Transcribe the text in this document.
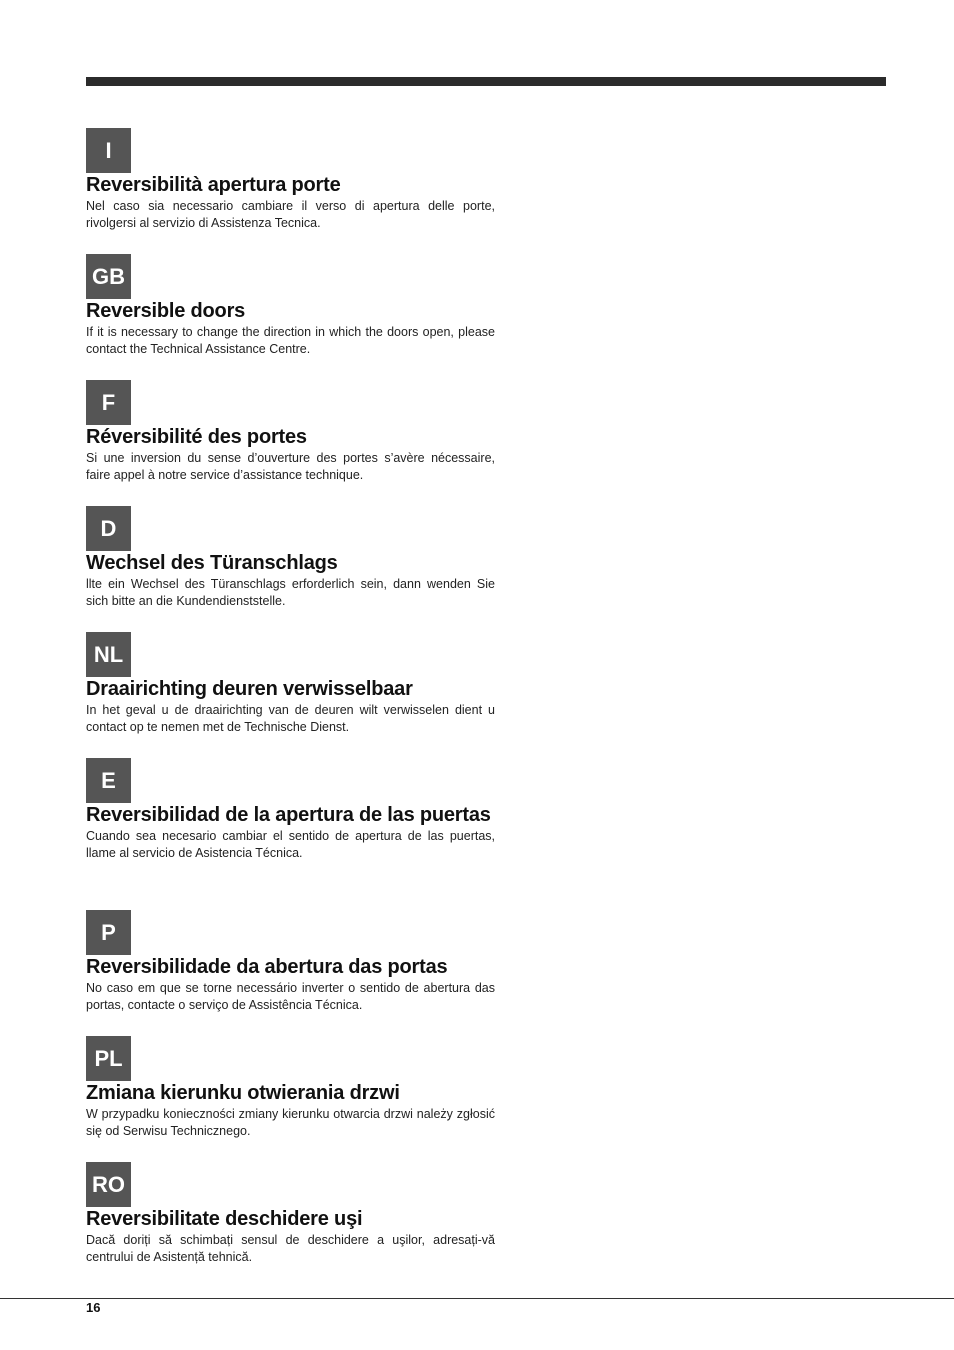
I
Reversibilità apertura porte

Nel caso sia necessario cambiare il verso di apertura delle porte, rivolgersi al servizio di Assistenza Tecnica.

GB
Reversible doors

If it is necessary to change the direction in which the doors open, please contact the Technical Assistance Centre.

F
Réversibilité des portes

Si une inversion du sense d’ouverture des portes s’avère nécessaire, faire appel à notre service d’assistance technique.

D
Wechsel des Türanschlags

llte ein Wechsel des Türanschlags erforderlich sein, dann wenden Sie sich bitte an die Kundendienststelle.

NL
Draairichting deuren verwisselbaar

In het geval u de draairichting van de deuren wilt verwisselen dient u contact op te nemen met de Technische Dienst.

E
Reversibilidad de la apertura de las puertas

Cuando sea necesario cambiar el sentido de apertura de las puertas, llame al servicio de Asistencia Técnica.

P
Reversibilidade da abertura das portas

No caso em que se torne necessário inverter o sentido de abertura das portas, contacte o serviço de Assistência Técnica.

PL
Zmiana kierunku otwierania drzwi

W przypadku konieczności zmiany kierunku otwarcia drzwi należy zgłosić się od Serwisu Technicznego.

RO
Reversibilitate deschidere uşi

Dacă doriți să schimbați sensul de deschidere a uşilor, adresați-vă centrului de Asistență tehnică.

16
